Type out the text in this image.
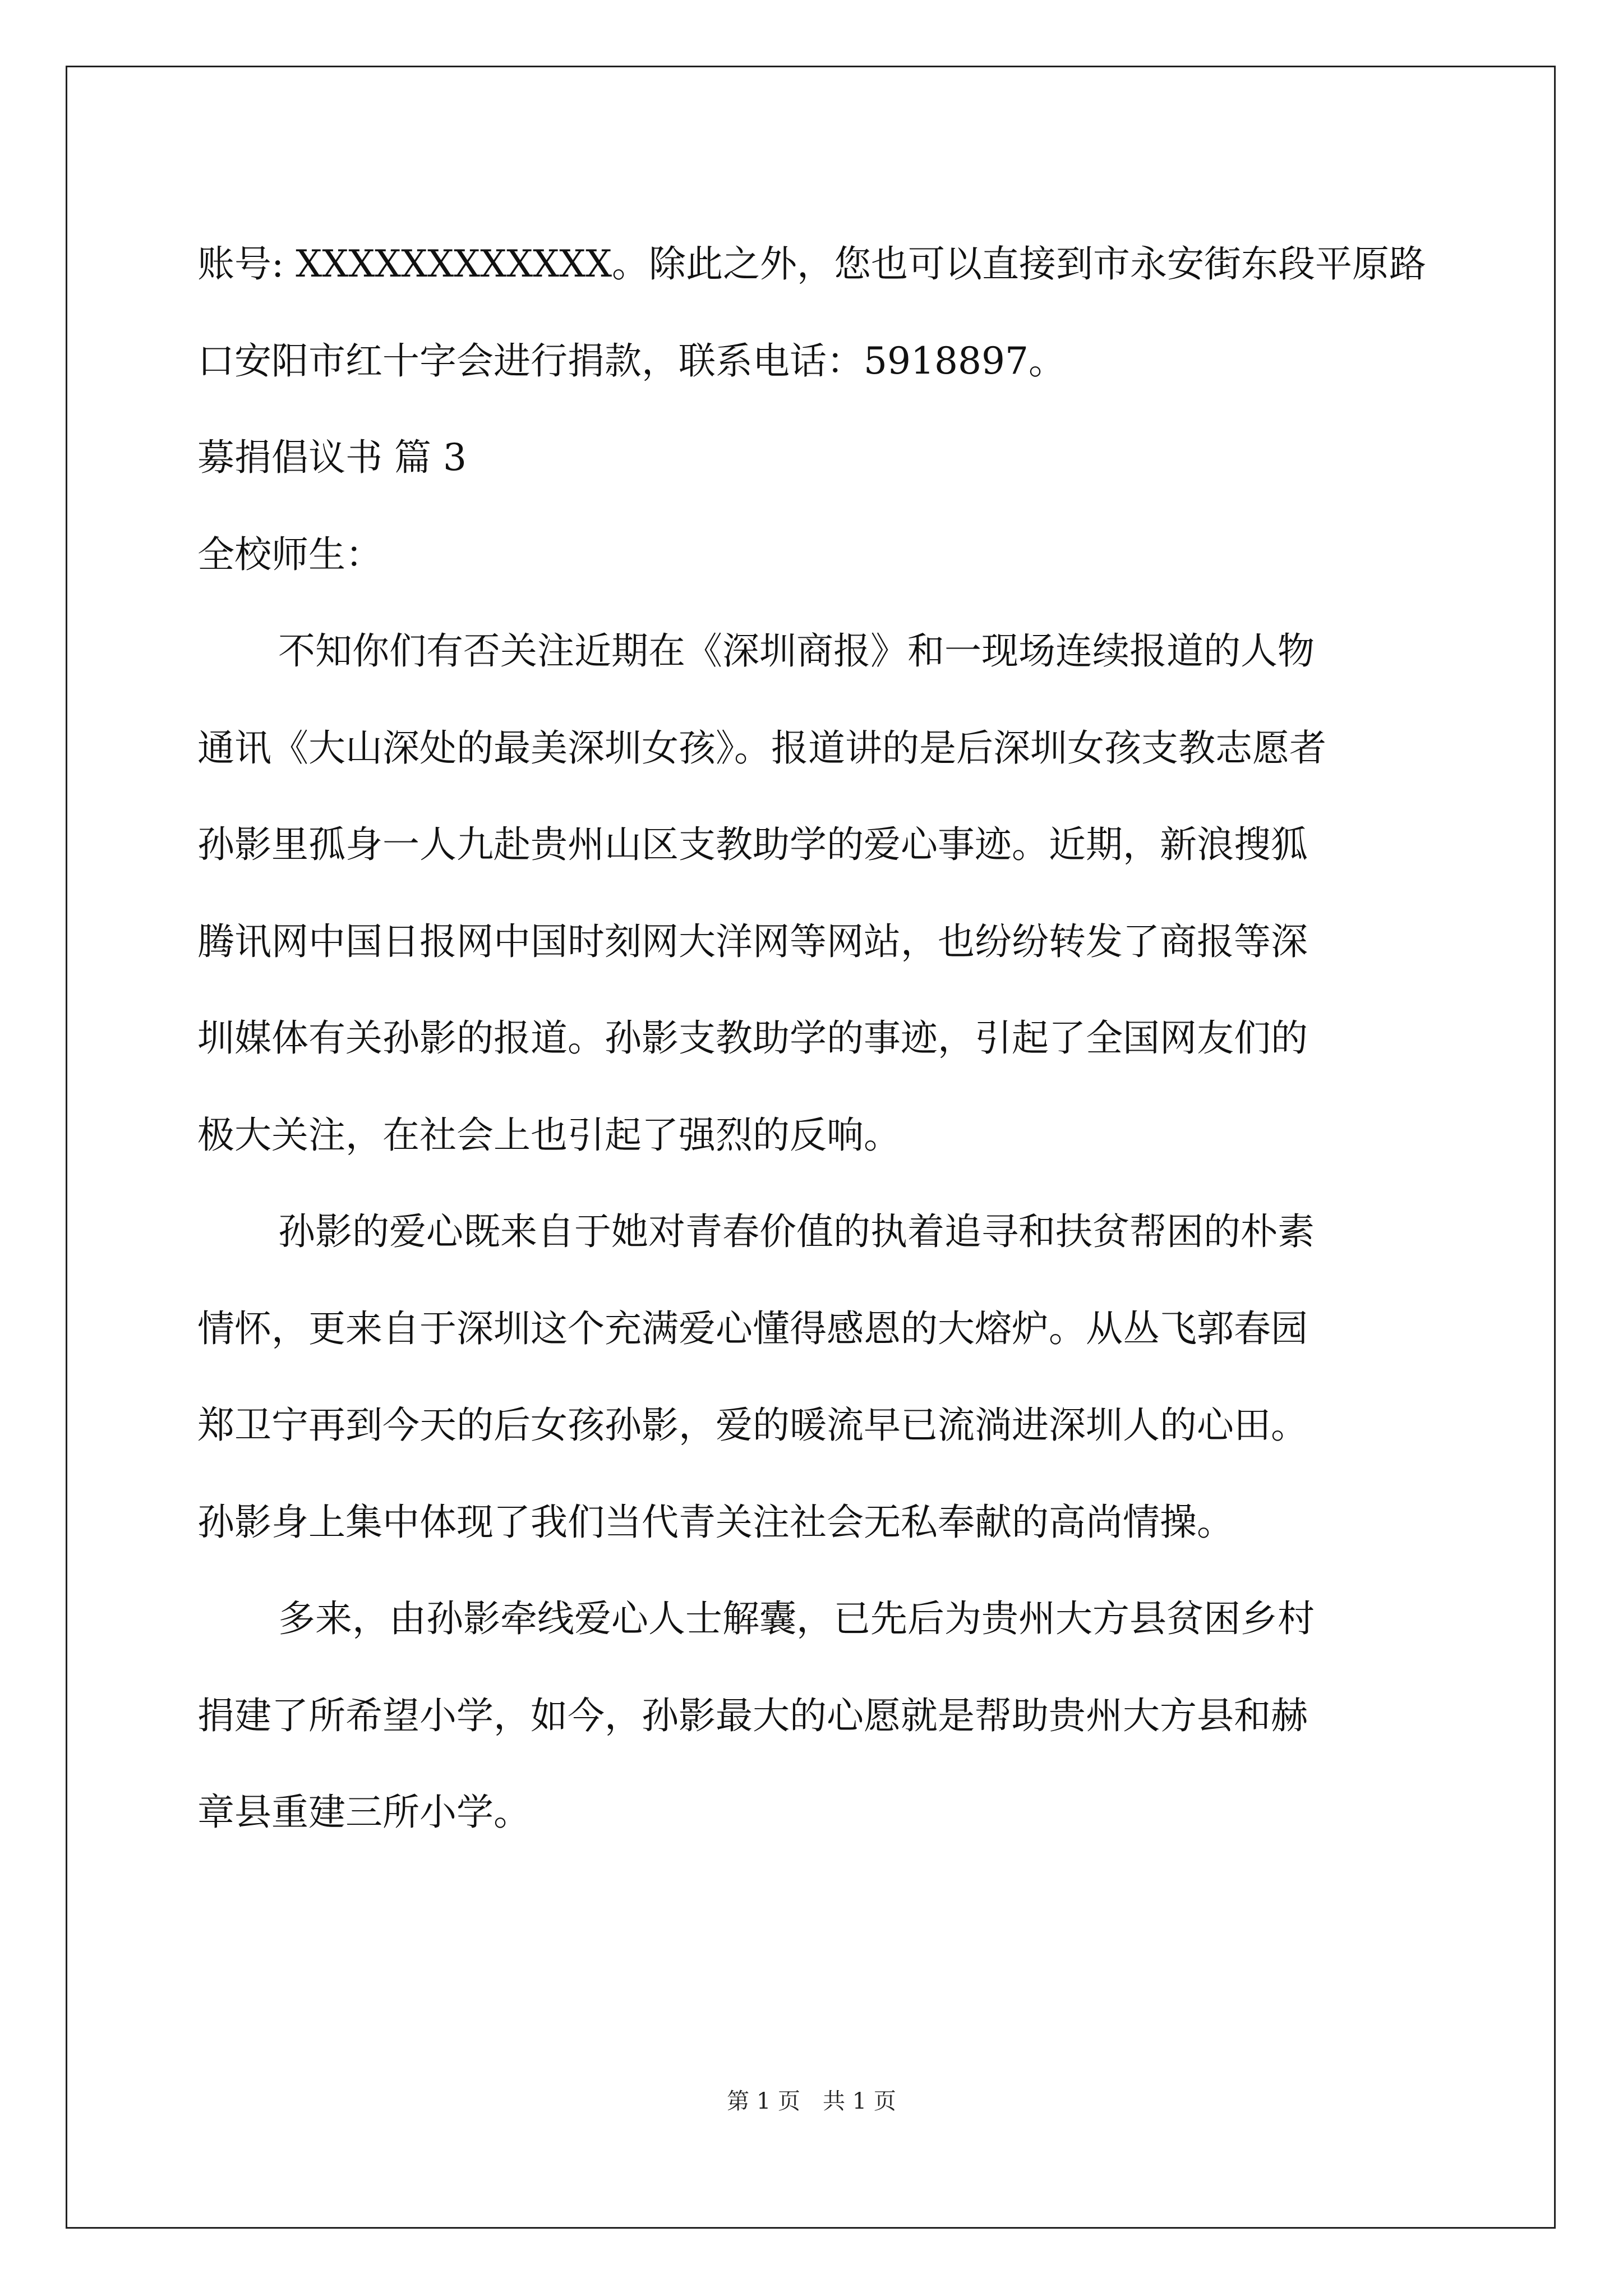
账号: XXXXXXXXXXXX。除此之外，您也可以直接到市永安街东段平原路

口安阳市红十字会进行捐款，联系电话：5918897。

募捐倡议书 篇 3

全校师生：

不知你们有否关注近期在《深圳商报》和一现场连续报道的人物

通讯《大山深处的最美深圳女孩》。报道讲的是后深圳女孩支教志愿者

孙影里孤身一人九赴贵州山区支教助学的爱心事迹。近期，新浪搜狐

腾讯网中国日报网中国时刻网大洋网等网站，也纷纷转发了商报等深

圳媒体有关孙影的报道。孙影支教助学的事迹，引起了全国网友们的

极大关注，在社会上也引起了强烈的反响。

孙影的爱心既来自于她对青春价值的执着追寻和扶贫帮困的朴素

情怀，更来自于深圳这个充满爱心懂得感恩的大熔炉。从丛飞郭春园

郑卫宁再到今天的后女孩孙影，爱的暖流早已流淌进深圳人的心田。

孙影身上集中体现了我们当代青关注社会无私奉献的高尚情操。

多来，由孙影牵线爱心人士解囊，已先后为贵州大方县贫困乡村

捐建了所希望小学，如今，孙影最大的心愿就是帮助贵州大方县和赫

章县重建三所小学。

第 1 页　共 1 页
